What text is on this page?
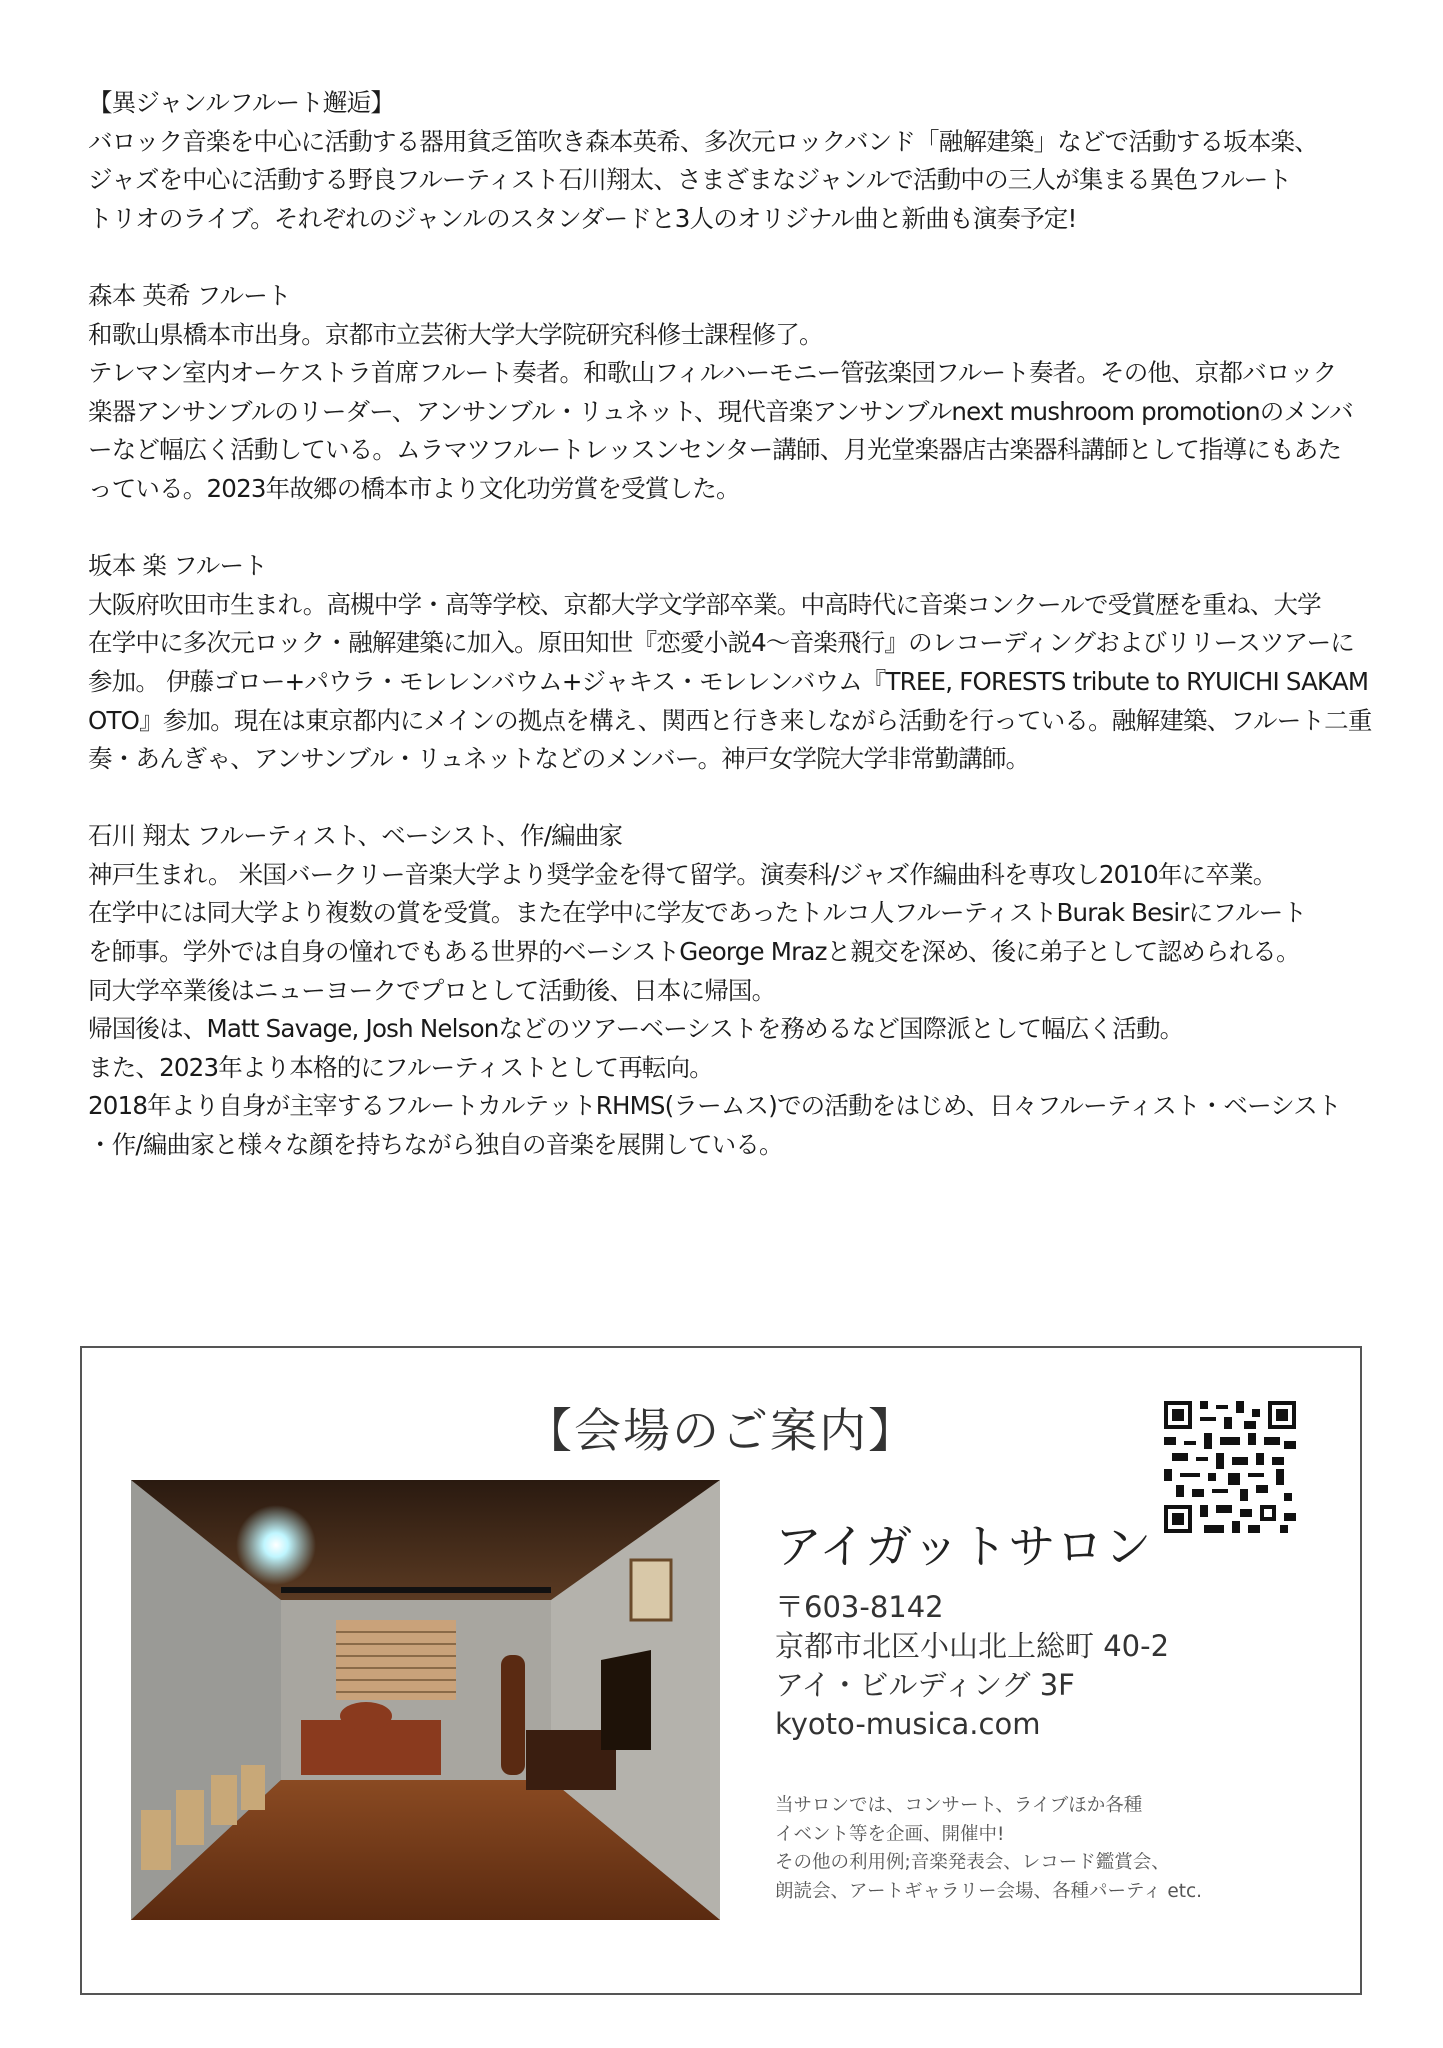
【異ジャンルフルート邂逅】
バロック音楽を中心に活動する器用貧乏笛吹き森本英希、多次元ロックバンド「融解建築」などで活動する坂本楽、
ジャズを中心に活動する野良フルーティスト石川翔太、さまざまなジャンルで活動中の三人が集まる異色フルート
トリオのライブ。それぞれのジャンルのスタンダードと3人のオリジナル曲と新曲も演奏予定!
森本 英希 フルート
和歌山県橋本市出身。京都市立芸術大学大学院研究科修士課程修了。
テレマン室内オーケストラ首席フルート奏者。和歌山フィルハーモニー管弦楽団フルート奏者。その他、京都バロック
楽器アンサンブルのリーダー、アンサンブル・リュネット、現代音楽アンサンブルnext mushroom promotionのメンバ
ーなど幅広く活動している。ムラマツフルートレッスンセンター講師、月光堂楽器店古楽器科講師として指導にもあた
っている。2023年故郷の橋本市より文化功労賞を受賞した。
坂本 楽 フルート
大阪府吹田市生まれ。高槻中学・高等学校、京都大学文学部卒業。中高時代に音楽コンクールで受賞歴を重ね、大学
在学中に多次元ロック・融解建築に加入。原田知世『恋愛小説4〜音楽飛行』のレコーディングおよびリリースツアーに
参加。 伊藤ゴロー+パウラ・モレレンバウム+ジャキス・モレレンバウム『TREE, FORESTS tribute to RYUICHI SAKAM
OTO』参加。現在は東京都内にメインの拠点を構え、関西と行き来しながら活動を行っている。融解建築、フルート二重
奏・あんぎゃ、アンサンブル・リュネットなどのメンバー。神戸女学院大学非常勤講師。
石川 翔太 フルーティスト、ベーシスト、作/編曲家
神戸生まれ。 米国バークリー音楽大学より奨学金を得て留学。演奏科/ジャズ作編曲科を専攻し2010年に卒業。
在学中には同大学より複数の賞を受賞。また在学中に学友であったトルコ人フルーティストBurak Besirにフルート
を師事。学外では自身の憧れでもある世界的ベーシストGeorge Mrazと親交を深め、後に弟子として認められる。
同大学卒業後はニューヨークでプロとして活動後、日本に帰国。
帰国後は、Matt Savage, Josh Nelsonなどのツアーベーシストを務めるなど国際派として幅広く活動。
また、2023年より本格的にフルーティストとして再転向。
2018年より自身が主宰するフルートカルテットRHMS(ラームス)での活動をはじめ、日々フルーティスト・ベーシスト
・作/編曲家と様々な顔を持ちながら独自の音楽を展開している。
【会場のご案内】
アイガットサロン
〒603-8142
京都市北区小山北上総町 40-2
アイ・ビルディング 3F
kyoto-musica.com
当サロンでは、コンサート、ライブほか各種
イベント等を企画、開催中!
その他の利用例;音楽発表会、レコード鑑賞会、
朗読会、アートギャラリー会場、各種パーティ etc.
